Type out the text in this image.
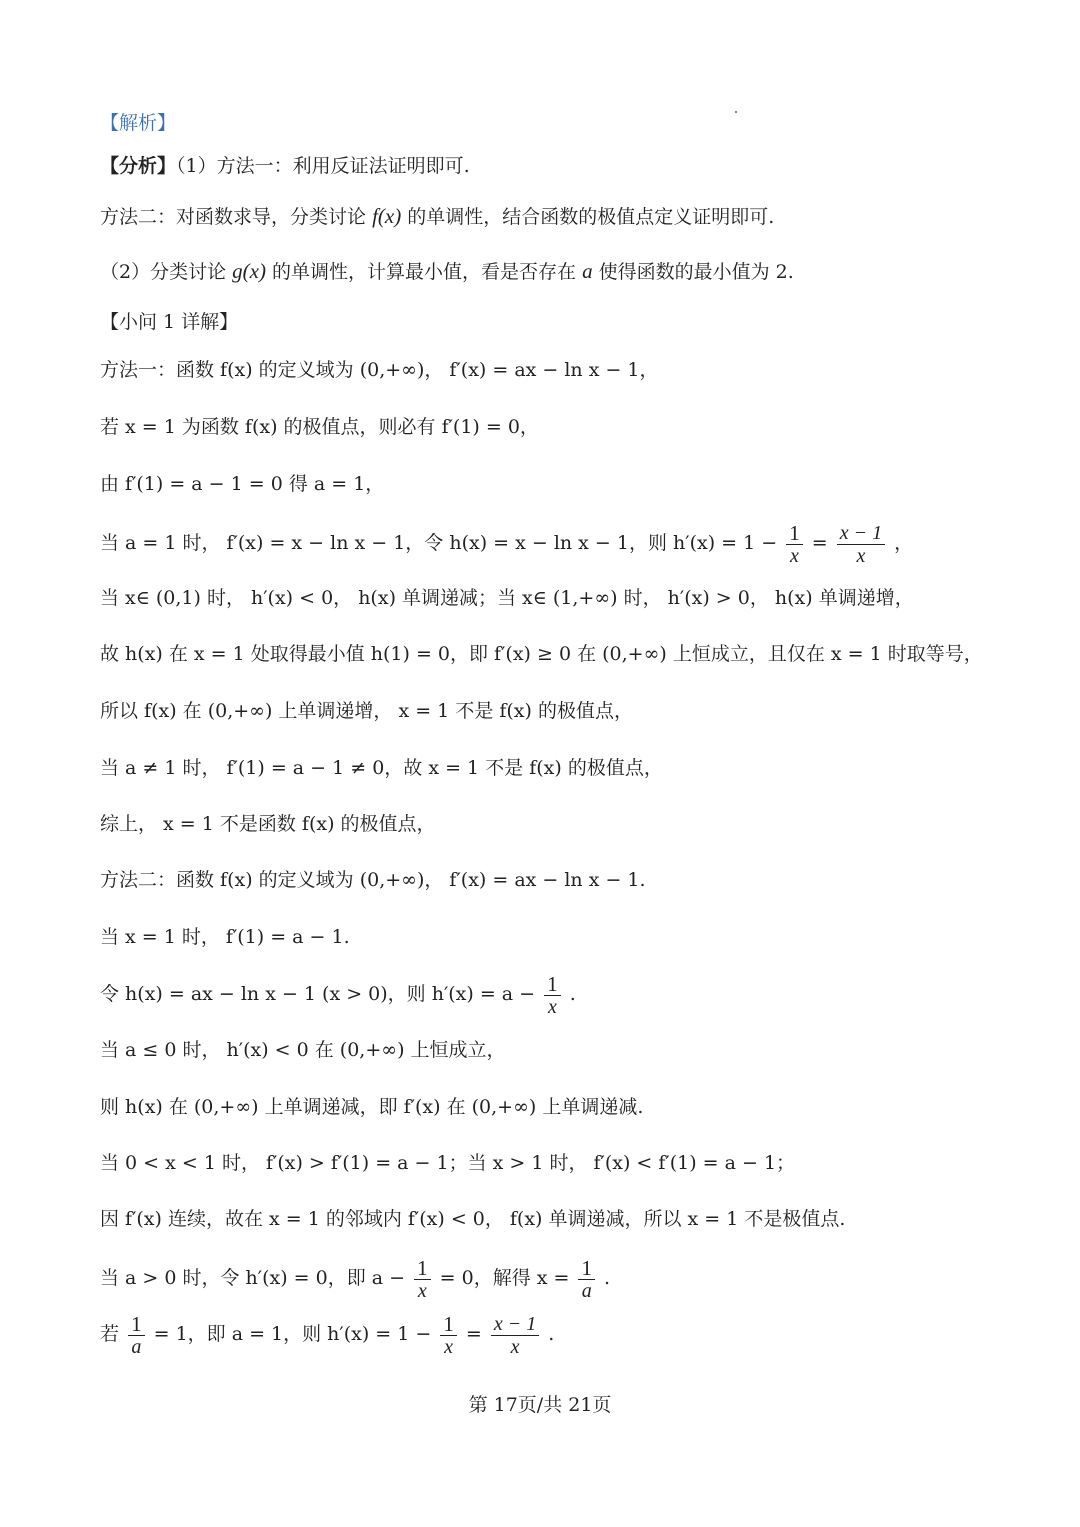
【解析】
【分析】（1）方法一：利用反证法证明即可.
方法二：对函数求导，分类讨论 f(x) 的单调性，结合函数的极值点定义证明即可.
（2）分类讨论 g(x) 的单调性，计算最小值，看是否存在 a 使得函数的最小值为 2.
【小问 1 详解】
方法一：函数 f(x) 的定义域为 (0,+∞)， f′(x) = ax − ln x − 1，
若 x = 1 为函数 f(x) 的极值点，则必有 f′(1) = 0，
由 f′(1) = a − 1 = 0 得 a = 1，
当 a = 1 时， f′(x) = x − ln x − 1，令 h(x) = x − ln x − 1，则 $h'(x) = 1 - \frac{1}{x} = \frac{x - 1}{x}$ ，
当 x∈ (0,1) 时， h′(x) < 0， h(x) 单调递减；当 x∈ (1,+∞) 时， h′(x) > 0， h(x) 单调递增，
故 h(x) 在 x = 1 处取得最小值 h(1) = 0，即 f′(x) ≥ 0 在 (0,+∞) 上恒成立，且仅在 x = 1 时取等号，
所以 f(x) 在 (0,+∞) 上单调递增， x = 1 不是 f(x) 的极值点，
当 a ≠ 1 时， f′(1) = a − 1 ≠ 0，故 x = 1 不是 f(x) 的极值点，
综上， x = 1 不是函数 f(x) 的极值点，
方法二：函数 f(x) 的定义域为 (0,+∞)， f′(x) = ax − ln x − 1.
当 x = 1 时， f′(1) = a − 1.
令 h(x) = ax − ln x − 1 (x > 0)，则 $h'(x) = a - \frac{1}{x}$ .
当 a ≤ 0 时， h′(x) < 0 在 (0,+∞) 上恒成立，
则 h(x) 在 (0,+∞) 上单调递减，即 f′(x) 在 (0,+∞) 上单调递减.
当 0 < x < 1 时， f′(x) > f′(1) = a − 1；当 x > 1 时， f′(x) < f′(1) = a − 1；
因 f′(x) 连续，故在 x = 1 的邻域内 f′(x) < 0， f(x) 单调递减，所以 x = 1 不是极值点.
当 a > 0 时，令 h′(x) = 0，即 $a - \frac{1}{x} = 0$，解得 $x = \frac{1}{a}$ .
若 $\frac{1}{a} = 1$，即 a = 1，则 $h'(x) = 1 - \frac{1}{x} = \frac{x - 1}{x}$ .
第 17页/共 21页
